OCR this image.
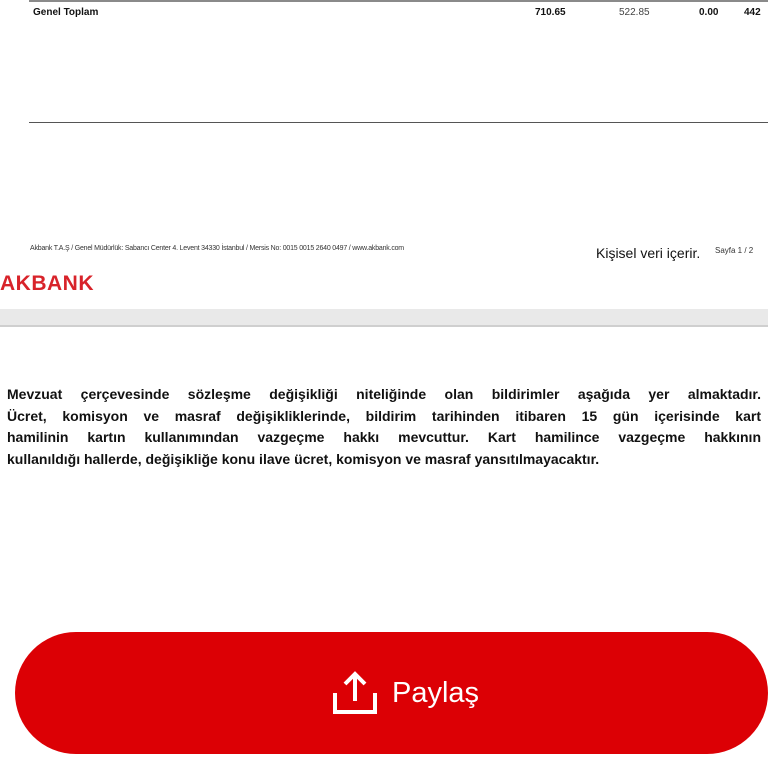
Genel Toplam	710.65	522.85	0.00	442
Akbank T.A.Ş / Genel Müdürlük: Sabancı Center 4. Levent 34330 İstanbul / Mersis No: 0015 0015 2640 0497 / www.akbank.com	Kişisel veri içerir. Sayfa 1 / 2
AKBANK
Mevzuat çerçevesinde sözleşme değişikliği niteliğinde olan bildirimler aşağıda yer almaktadır.
Ücret, komisyon ve masraf değişikliklerinde, bildirim tarihinden itibaren 15 gün içerisinde kart
hamilinin kartın kullanımından vazgeçme hakkı mevcuttur. Kart hamilince vazgeçme hakkının
kullanıldığı hallerde, değişikliğe konu ilave ücret, komisyon ve masraf yansıtılmayacaktır.
Paylaş
